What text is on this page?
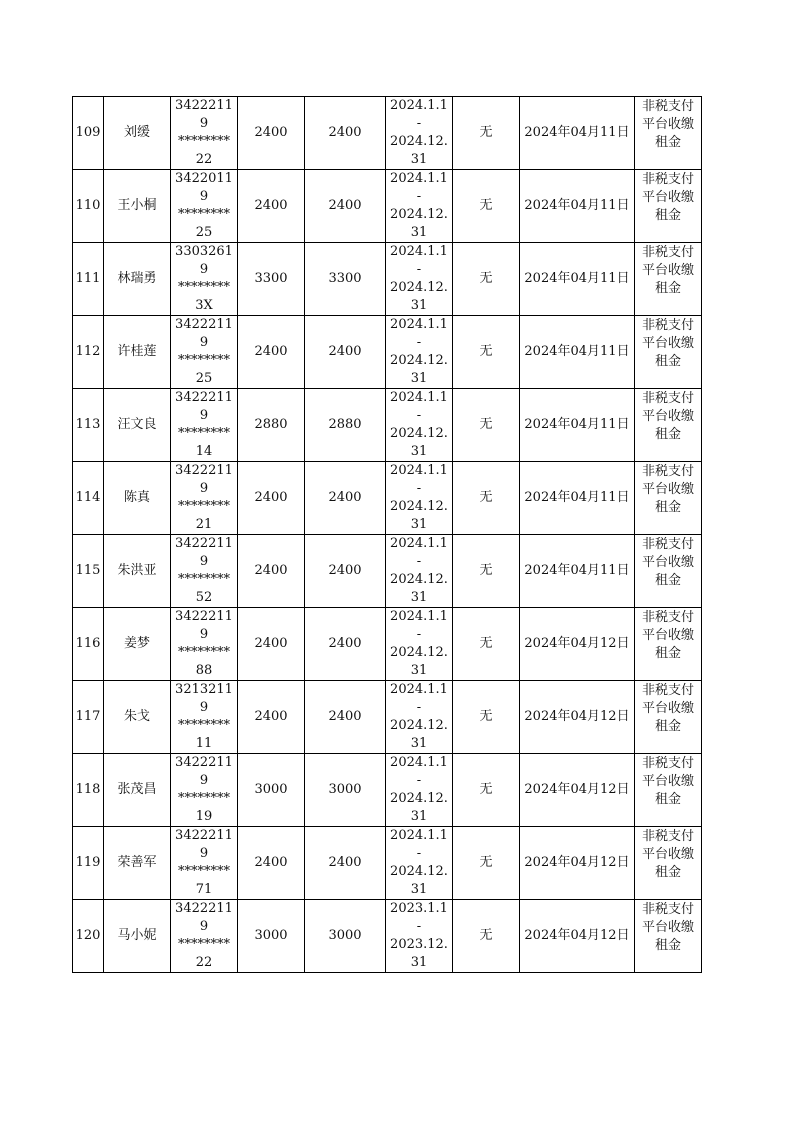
109	刘缓	34222119
********
22	2400	2400	2024.1.1
-
2024.12.
31	无	2024年04月11日	非税支付平台收缴租金

110	王小桐	34220119
********
25	2400	2400	2024.1.1
-
2024.12.
31	无	2024年04月11日	非税支付平台收缴租金

111	林瑞勇	33032619
********
3X	3300	3300	2024.1.1
-
2024.12.
31	无	2024年04月11日	非税支付平台收缴租金

112	许桂莲	34222119
********
25	2400	2400	2024.1.1
-
2024.12.
31	无	2024年04月11日	非税支付平台收缴租金

113	汪文良	34222119
********
14	2880	2880	2024.1.1
-
2024.12.
31	无	2024年04月11日	非税支付平台收缴租金

114	陈真	34222119
********
21	2400	2400	2024.1.1
-
2024.12.
31	无	2024年04月11日	非税支付平台收缴租金

115	朱洪亚	34222119
********
52	2400	2400	2024.1.1
-
2024.12.
31	无	2024年04月11日	非税支付平台收缴租金

116	姜梦	34222119
********
88	2400	2400	2024.1.1
-
2024.12.
31	无	2024年04月12日	非税支付平台收缴租金

117	朱戈	32132119
********
11	2400	2400	2024.1.1
-
2024.12.
31	无	2024年04月12日	非税支付平台收缴租金

118	张茂昌	34222119
********
19	3000	3000	2024.1.1
-
2024.12.
31	无	2024年04月12日	非税支付平台收缴租金

119	荣善军	34222119
********
71	2400	2400	2024.1.1
-
2024.12.
31	无	2024年04月12日	非税支付平台收缴租金

120	马小妮	34222119
********
22	3000	3000	2023.1.1
-
2023.12.
31	无	2024年04月12日	非税支付平台收缴租金
